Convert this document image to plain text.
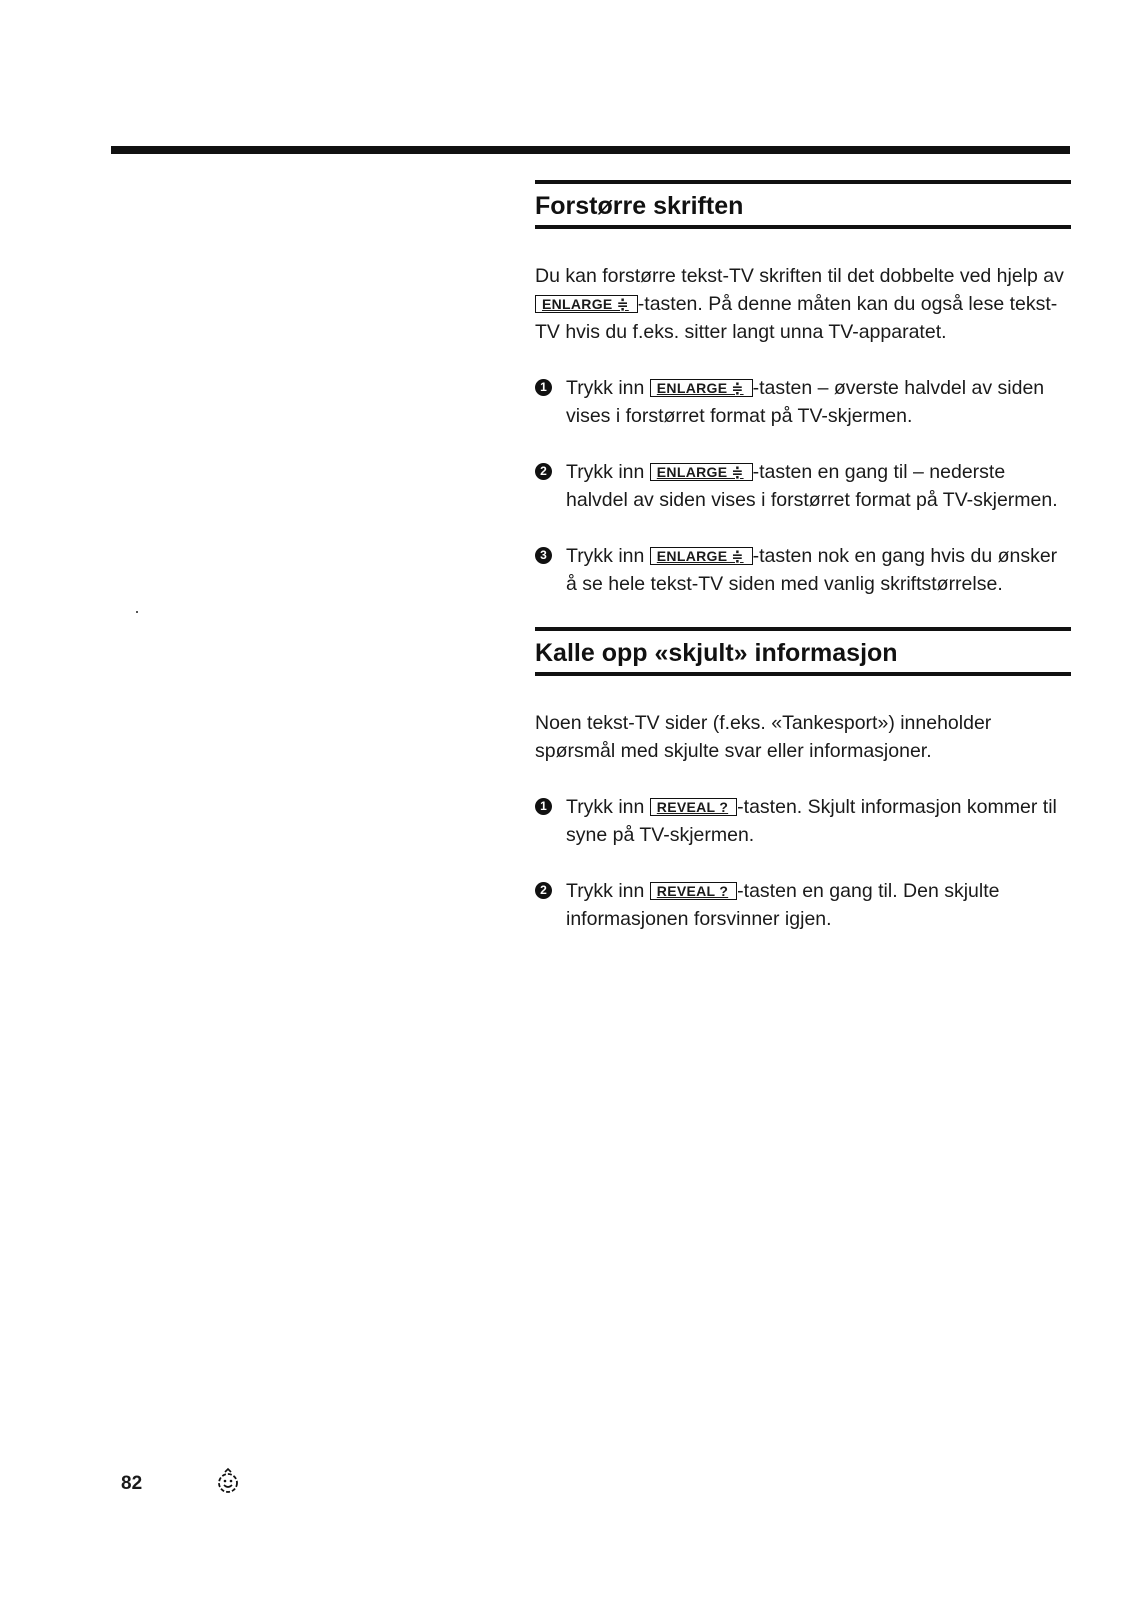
Forstørre skriften

Du kan forstørre tekst-TV skriften til det dobbelte ved hjelp av ENLARGE ≑ -tasten. På denne måten kan du også lese tekst-TV hvis du f.eks. sitter langt unna TV-apparatet.

1 Trykk inn ENLARGE ≑ -tasten – øverste halvdel av siden vises i forstørret format på TV-skjermen.
2 Trykk inn ENLARGE ≑ -tasten en gang til – nederste halvdel av siden vises i forstørret format på TV-skjermen.
3 Trykk inn ENLARGE ≑ -tasten nok en gang hvis du ønsker å se hele tekst-TV siden med vanlig skriftstørrelse.
Kalle opp «skjult» informasjon

Noen tekst-TV sider (f.eks. «Tankesport») inneholder spørsmål med skjulte svar eller informasjoner.

1 Trykk inn REVEAL ? -tasten. Skjult informasjon kommer til syne på TV-skjermen.
2 Trykk inn REVEAL ? -tasten en gang til. Den skjulte informasjonen forsvinner igjen.
82
